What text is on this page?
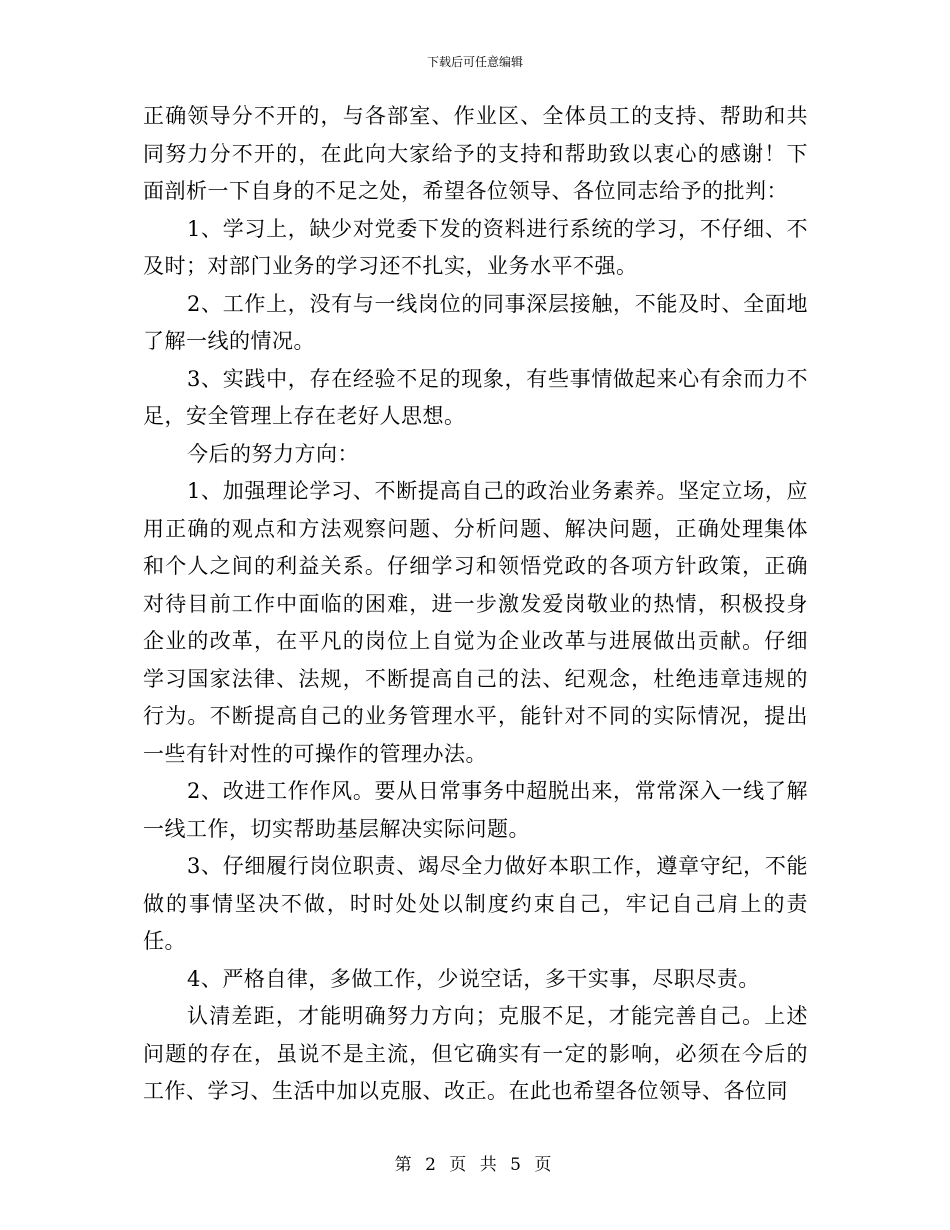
下载后可任意编辑

正确领导分不开的，与各部室、作业区、全体员工的支持、帮助和共同努力分不开的，在此向大家给予的支持和帮助致以衷心的感谢！下面剖析一下自身的不足之处，希望各位领导、各位同志给予的批判：

1、学习上，缺少对党委下发的资料进行系统的学习，不仔细、不及时；对部门业务的学习还不扎实，业务水平不强。

2、工作上，没有与一线岗位的同事深层接触，不能及时、全面地了解一线的情况。

3、实践中，存在经验不足的现象，有些事情做起来心有余而力不足，安全管理上存在老好人思想。

今后的努力方向：

1、加强理论学习、不断提高自己的政治业务素养。坚定立场，应用正确的观点和方法观察问题、分析问题、解决问题，正确处理集体和个人之间的利益关系。仔细学习和领悟党政的各项方针政策，正确对待目前工作中面临的困难，进一步激发爱岗敬业的热情，积极投身企业的改革，在平凡的岗位上自觉为企业改革与进展做出贡献。仔细学习国家法律、法规，不断提高自己的法、纪观念，杜绝违章违规的行为。不断提高自己的业务管理水平，能针对不同的实际情况，提出一些有针对性的可操作的管理办法。

2、改进工作作风。要从日常事务中超脱出来，常常深入一线了解一线工作，切实帮助基层解决实际问题。

3、仔细履行岗位职责、竭尽全力做好本职工作，遵章守纪，不能做的事情坚决不做，时时处处以制度约束自己，牢记自己肩上的责任。

4、严格自律，多做工作，少说空话，多干实事，尽职尽责。

认清差距，才能明确努力方向；克服不足，才能完善自己。上述问题的存在，虽说不是主流，但它确实有一定的影响，必须在今后的工作、学习、生活中加以克服、改正。在此也希望各位领导、各位同

第 2 页 共 5 页
